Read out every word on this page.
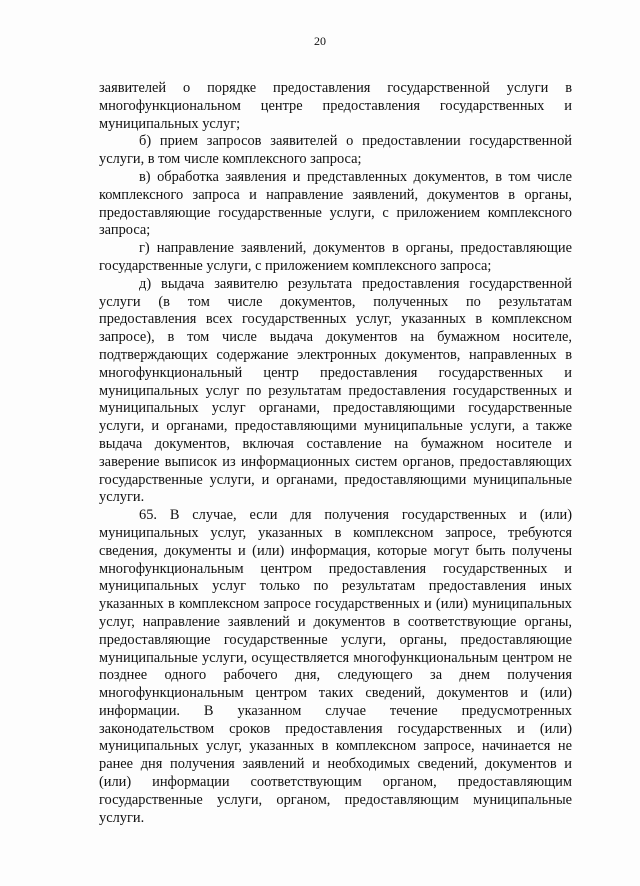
20

заявителей о порядке предоставления государственной услуги в многофункциональном центре предоставления государственных и муниципальных услуг;

б) прием запросов заявителей о предоставлении государственной услуги, в том числе комплексного запроса;

в) обработка заявления и представленных документов, в том числе комплексного запроса и направление заявлений, документов в органы, предоставляющие государственные услуги, с приложением комплексного запроса;

г) направление заявлений, документов в органы, предоставляющие государственные услуги, с приложением комплексного запроса;

д) выдача заявителю результата предоставления государственной услуги (в том числе документов, полученных по результатам предоставления всех государственных услуг, указанных в комплексном запросе), в том числе выдача документов на бумажном носителе, подтверждающих содержание электронных документов, направленных в многофункциональный центр предоставления государственных и муниципальных услуг по результатам предоставления государственных и муниципальных услуг органами, предоставляющими государственные услуги, и органами, предоставляющими муниципальные услуги, а также выдача документов, включая составление на бумажном носителе и заверение выписок из информационных систем органов, предоставляющих государственные услуги, и органами, предоставляющими муниципальные услуги.

65. В случае, если для получения государственных и (или) муниципальных услуг, указанных в комплексном запросе, требуются сведения, документы и (или) информация, которые могут быть получены многофункциональным центром предоставления государственных и муниципальных услуг только по результатам предоставления иных указанных в комплексном запросе государственных и (или) муниципальных услуг, направление заявлений и документов в соответствующие органы, предоставляющие государственные услуги, органы, предоставляющие муниципальные услуги, осуществляется многофункциональным центром не позднее одного рабочего дня, следующего за днем получения многофункциональным центром таких сведений, документов и (или) информации. В указанном случае течение предусмотренных законодательством сроков предоставления государственных и (или) муниципальных услуг, указанных в комплексном запросе, начинается не ранее дня получения заявлений и необходимых сведений, документов и (или) информации соответствующим органом, предоставляющим государственные услуги, органом, предоставляющим муниципальные услуги.
